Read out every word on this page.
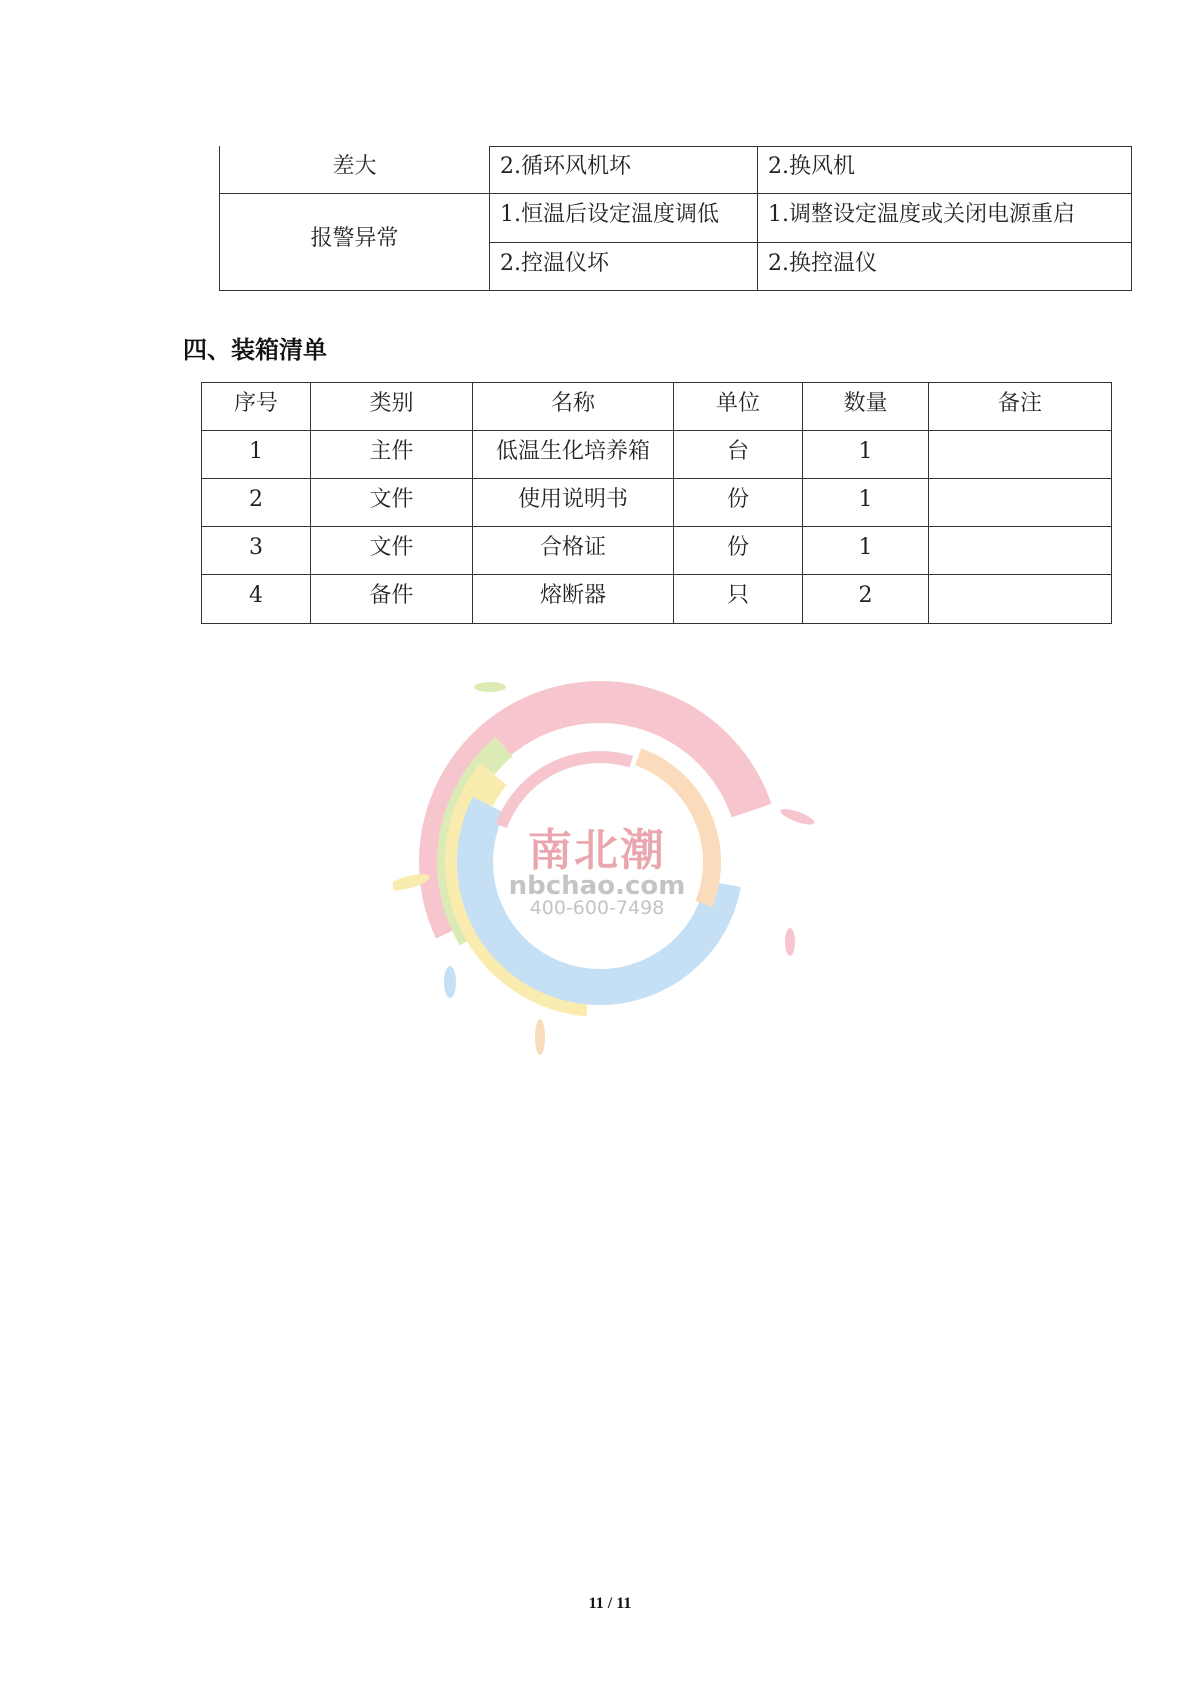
差大	2.循环风机坏	2.换风机
报警异常	1.恒温后设定温度调低	1.调整设定温度或关闭电源重启
	2.控温仪坏	2.换控温仪
四、装箱清单
序号	类别	名称	单位	数量	备注
1	主件	低温生化培养箱	台	1	
2	文件	使用说明书	份	1	
3	文件	合格证	份	1	
4	备件	熔断器	只	2	
南北潮
nbchao.com
400-600-7498
11 / 11
